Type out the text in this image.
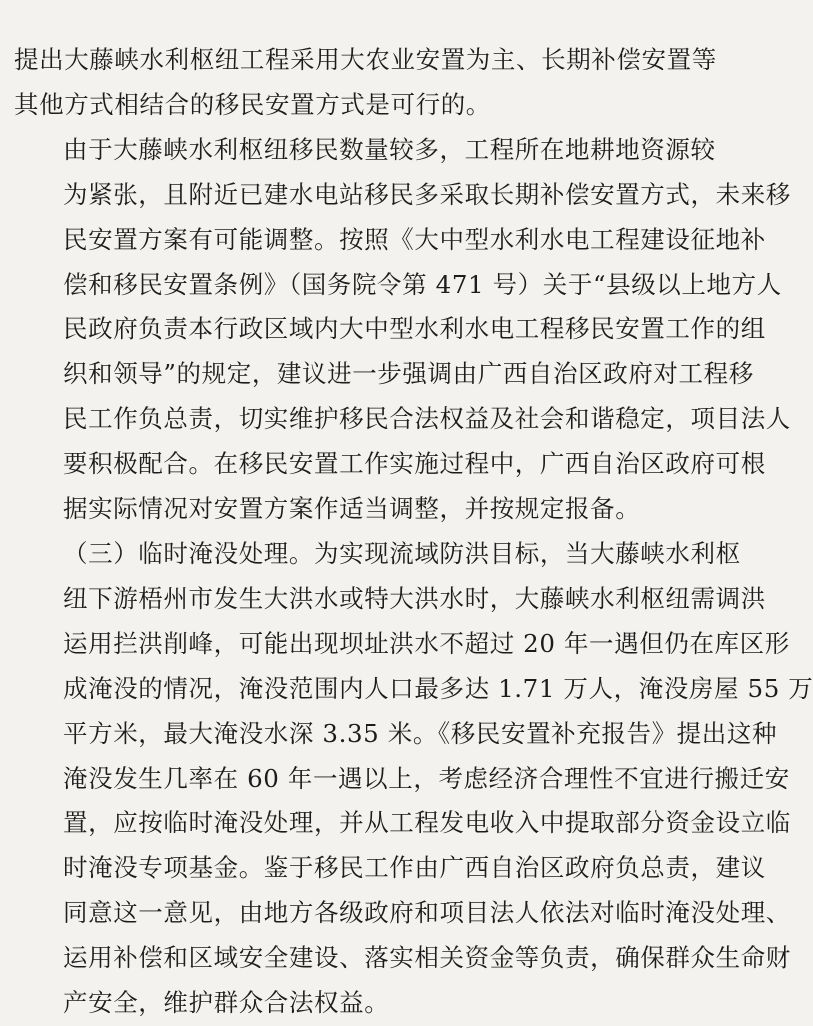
提出大藤峡水利枢纽工程采用大农业安置为主、长期补偿安置等
其他方式相结合的移民安置方式是可行的。

由于大藤峡水利枢纽移民数量较多，工程所在地耕地资源较
为紧张，且附近已建水电站移民多采取长期补偿安置方式，未来移
民安置方案有可能调整。按照《大中型水利水电工程建设征地补
偿和移民安置条例》（国务院令第 471 号）关于“县级以上地方人
民政府负责本行政区域内大中型水利水电工程移民安置工作的组
织和领导”的规定，建议进一步强调由广西自治区政府对工程移
民工作负总责，切实维护移民合法权益及社会和谐稳定，项目法人
要积极配合。在移民安置工作实施过程中，广西自治区政府可根
据实际情况对安置方案作适当调整，并按规定报备。

（三）临时淹没处理。为实现流域防洪目标，当大藤峡水利枢
纽下游梧州市发生大洪水或特大洪水时，大藤峡水利枢纽需调洪
运用拦洪削峰，可能出现坝址洪水不超过 20 年一遇但仍在库区形
成淹没的情况，淹没范围内人口最多达 1.71 万人，淹没房屋 55 万
平方米，最大淹没水深 3.35 米。《移民安置补充报告》提出这种
淹没发生几率在 60 年一遇以上，考虑经济合理性不宜进行搬迁安
置，应按临时淹没处理，并从工程发电收入中提取部分资金设立临
时淹没专项基金。鉴于移民工作由广西自治区政府负总责，建议
同意这一意见，由地方各级政府和项目法人依法对临时淹没处理、
运用补偿和区域安全建设、落实相关资金等负责，确保群众生命财
产安全，维护群众合法权益。
